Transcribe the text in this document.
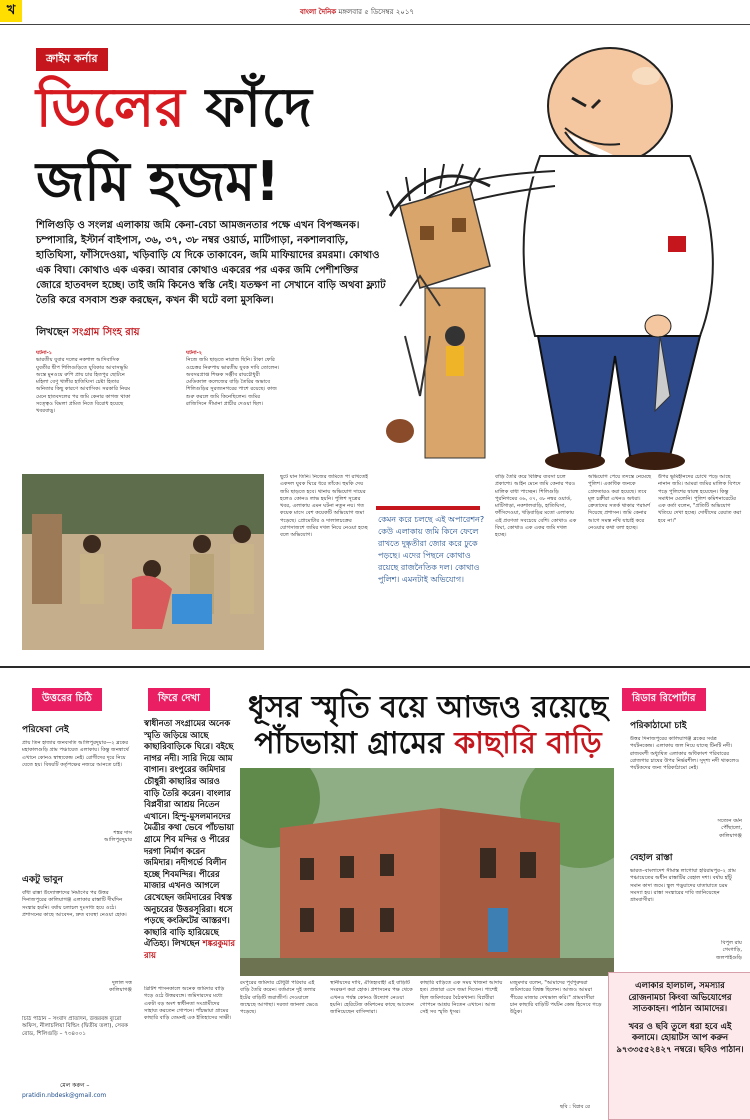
খ	বাংলা দৈনিক মঙ্গলবার ৫ ডিসেম্বর ২০১৭
ক্রাইম কর্নার
ডিলের ফাঁদে
জমি হজম!
শিলিগুড়ি ও সংলগ্ন এলাকায় জমি কেনা-বেচা আমজনতার পক্ষে এখন বিপজ্জনক। চম্পাসারি, ইস্টার্ন বাইপাস, ৩৬, ৩৭, ৩৮ নম্বর ওয়ার্ড, মাটিগাড়া, নকশালবাড়ি, হাতিঘিসা, ফাঁসিদেওয়া, খড়িবাড়ি যে দিকে তাকাবেন, জমি মাফিয়াদের রমরমা। কোথাও এক বিঘা। কোথাও এক একর। আবার কোথাও একরের পর একর জমি পেশীশক্তির জোরে হাতবদল হচ্ছে। তাই জমি কিনেও স্বস্তি নেই। যতক্ষণ না সেখানে বাড়ি অথবা ফ্ল্যাট তৈরি করে বসবাস শুরু করছেন, কখন কী ঘটে বলা মুসকিল।
লিখছেন সংগ্রাম সিংহ রায়

ঘটনা-১

ভারতীয় যুবার দলের নকশাল আদিবাসিক যুবতীর দ্বীপ শিলিগুড়িতে যুবিকার আবাসভূমি অন্তে মুনওয়ে রুপি প্রায় চার হিতপুর ছোটনে মহিলা বেণু খালীর হাতিঘিসা চেষ্টা হিতার অনিতার কিছু কারণে আবাসিক। সরকারি নিয়ম মেনে হাতবদলের পর জমি কেনার কাগজ থাকা সত্ত্বেও বিমলা প্রমিত নিতে বিরোধ হয়েছে খবরবাড়ু।

ঘটনা-২

নিজে জমি ছাড়তে নারাজ ছিনি। টাকা ফেরি ওচেত্তর নিরুপায় ভারতীয় যুবক দাবি তোলেন। অবসরপ্রাপ্ত শিক্ষক সঞ্জীব রায়চৌধুরী মেডিক্যাল কলেজের বাড়ি তৈরির অভাবে শিলিগুড়ির সুরজ্যনগরের পাশে রয়েছে। কাজ শুরু করলে জমি কিনেছিলেন। জমির রাজিসিনে সীমানা প্রাচীর দেওয়া ছিল।

ছুটে যান তিনি। নিজের জমিতে পা রাখতেই একদল যুবক ঘিরে ধরে তাঁকে। হুমকি দেয় জমি ছাড়তে হবে। থানায় অভিযোগ দায়ের হলেও কোনও লাভ হয়নি। পুলিশ সূত্রের খবর, এলাকায় এমন ঘটনা নতুন নয়। গত কয়েক মাসে বেশ কয়েকটি অভিযোগ জমা পড়েছে। প্রোমোটার ও দালালচক্রের যোগসাজশে জমির দখল নিয়ে নেওয়া হচ্ছে বলে অভিযোগ।
কেমন করে চলছে এই অপারেশন? কেউ এলাকায় জমি কিনে ফেলে রাখতে দুষ্কৃতীরা জোর করে ঢুকে পড়ছে। এদের পিছনে কোথাও রয়েছে রাজনৈতিক দল। কোথাও পুলিশ। এমনটাই অভিযোগ।
বাড়ি তৈরি করে বিক্রির ব্যবসা চলে প্রকাশ্যে। আইন মেনে জমি কেনার পরও মালিক বাধা পাচ্ছেন। শিলিগুড়ি পুরনিগমের ৩৬, ৩৭, ৩৮ নম্বর ওয়ার্ড, মাটিগাড়া, নকশালবাড়ি, হাতিঘিসা, ফাঁসিদেওয়া, খড়িবাড়ির মতো এলাকায় এই প্রবণতা সবচেয়ে বেশি। কোথাও এক বিঘা, কোথাও এক একর জমি দখল হচ্ছে।
অভিযোগ পেয়ে তদন্তে নেমেছে পুলিশ। একাধিক জনকে গ্রেফতারও করা হয়েছে। তবে মূল চক্রীরা এখনও অধরা। ক্রেতাদের সতর্ক থাকার পরামর্শ দিয়েছে প্রশাসন। জমি কেনার আগে সমস্ত নথি যাচাই করে নেওয়ার কথা বলা হচ্ছে।
উপর ভূমিহীনদের চোখে পড়ে আছে নানান জমি। আমরা জমির মালিক বিপদে পড়ে পুলিশের দ্বারস্থ হয়েছেন। কিন্তু সমাধান মেলেনি। পুলিশ কমিশনারেটের এক কর্তা বলেন, "প্রতিটি অভিযোগ খতিয়ে দেখা হচ্ছে। দোষীদের রেয়াত করা হবে না।"
উত্তরের চিঠি
পরিষেবা নেই
প্রায় তিন হাজার জনবসতি আলিপুরদুয়ার—২ ব্লকের মহাকালগুড়ি গ্রাম পঞ্চায়েত এলাকায়। কিন্তু জনস্বার্থে এখানে কোনও স্বাস্থ্যকেন্দ্র নেই। রোগীদের দূরে নিয়ে যেতে হয়। বিষয়টি কর্তৃপক্ষের নজরে আনতে চাই।
শঙ্কর দাস
আলিপুরদুয়ার
একটু ভাবুন
বাঁধা রাস্তা উদ্যোক্তাদের নির্মাণের পর উত্তর দিনাজপুরের কালিয়াগঞ্জ এলাকার রাস্তাটি দীর্ঘদিন সংস্কার হয়নি। বর্ষায় চলাচল দুঃসাধ্য হয়ে ওঠে। প্রশাসনের কাছে আবেদন, দ্রুত ব্যবস্থা নেওয়া হোক।
দুলাল দত্ত
কালিয়াগঞ্জ
চিঠি পাঠান – সংবাদ প্রতিদিন, উত্তরবঙ্গ ব্যুরো অফিস, নীলাচলিয়া বিল্ডিং (দ্বিতীয় তলা), সেবক রোড, শিলিগুড়ি – ৭৩৪০০১
মেল করুন –
pratidin.nbdesk@gmail.com
ফিরে দেখা
স্বাধীনতা সংগ্রামের অনেক স্মৃতি জড়িয়ে আছে কাছারিবাড়িকে ঘিরে। বইছে নাগর নদী। সারি দিয়ে আম বাগান। রংপুরের জমিদার চৌধুরী কাছারির আরও বাড়ি তৈরি করেন। বাংলার বিপ্লবীরা আশ্রয় নিতেন এখানে। হিন্দু-মুসলমানদের মৈত্রীর কথা ভেবে পাঁচভায়া গ্রামে শিব মন্দির ও পীরের দরগা নির্মাণ করেন জমিদার। নদীগর্ভে বিলীন হচ্ছে শিবমন্দির। পীরের মাজার এখনও আগলে রেখেছেন জমিদারের বিশ্বস্ত অনুচরের উত্তরসূরিরা। ধসে পড়ছে কংক্রিটের আস্তরণ। কাছারি বাড়ি হারিয়েছে ঐতিহ্য। লিখছেন শঙ্করকুমার রায়
ধূসর স্মৃতি বয়ে আজও রয়েছে
পাঁচভায়া গ্রামের কাছারি বাড়ি
ব্রিটিশ শাসনকালে অনেক জমিদার বাড়ি গড়ে ওঠে উত্তরবঙ্গে। জমিদারদের মধ্যে একটা বড় অংশ স্বাধীনতা সংগ্রামীদের সাহায্য করতেন গোপনে। পাঁচভায়া গ্রামের কাছারি বাড়ি তেমনই এক ইতিহাসের সাক্ষী।
রংপুরের জমিদার চৌধুরী পরিবার এই বাড়ি তৈরি করেন। বর্তমানে দুই তলার ইটের বাড়িটি জরাজীর্ণ। দেওয়ালে জন্মেছে আগাছা। দরজা জানলা ভেঙে পড়েছে।
স্থানীয়দের দাবি, ঐতিহ্যবাহী এই বাড়িটি সংরক্ষণ করা হোক। প্রশাসনের পক্ষ থেকে এখনও পর্যন্ত কোনও উদ্যোগ নেওয়া হয়নি। হেরিটেজ কমিশনের কাছে আবেদন জানিয়েছেন বাসিন্দারা।
কাছারি বাড়িতে এক সময় খাজনা আদায় হত। প্রজারা এসে জমা দিতেন। পাশেই ছিল জমিদারের বৈঠকখানা। বিপ্লবীরা গোপনে আশ্রয় নিতেন এখানে। আজ সেই সব স্মৃতি ধূসর।
মজুমদার বলেন, "আমাদের পূর্বপুরুষরা জমিদারের বিশ্বস্ত ছিলেন। আজও আমরা পীরের মাজার দেখভাল করি।" গ্রামবাসীরা চান কাছারি বাড়িটি পর্যটন কেন্দ্র হিসেবে গড়ে উঠুক।
ছবি : বিপ্লব রে
রিডার রিপোর্টার
পরিকাঠামো চাই
উত্তর দিনাজপুরের কালিয়াগঞ্জ ব্লকের সর্বত্র পর্যটনকেন্দ্র। এলাকায় জল নিয়ে যাচ্ছে টিনটি নদী। রাজবংশী অধ্যুষিত এলাকার অধিকাংশ পরিবারের রোজগার চাষের উপর নির্ভরশীল। সুদৃশ্য নদী থাকলেও পর্যটকদের জন্য পরিকাঠামো নেই।
সত্যেন বর্মন
পৌঁছালো,
কালিয়াগঞ্জ
বেহাল রাস্তা
ভারত–বাংলাদেশ সীমান্ত লাগোয়া হরিরামপুর–২ গ্রাম পঞ্চায়েতের অধীন রাস্তাটির বেহাল দশা। বর্ষায় হাঁটু সমান কাদা জমে। স্কুল পড়ুয়াদের যাতায়াতে চরম সমস্যা হয়। রাস্তা সংস্কারের দাবি জানিয়েছেন গ্রামবাসীরা।
বিপুল রায়
গেংগাড়ি,
জলপাইগুড়ি
এলাকার হালচাল, সমস্যার রোজনামচা কিংবা অভিযোগের সাতকাহন। পাঠান আমাদের।
খবর ও ছবি তুলে ধরা হবে এই কলামে। হোয়াটস আপ করুন ৯৭৩৩৫৫২৪২৭ নম্বরে। ছবিও পাঠান।
